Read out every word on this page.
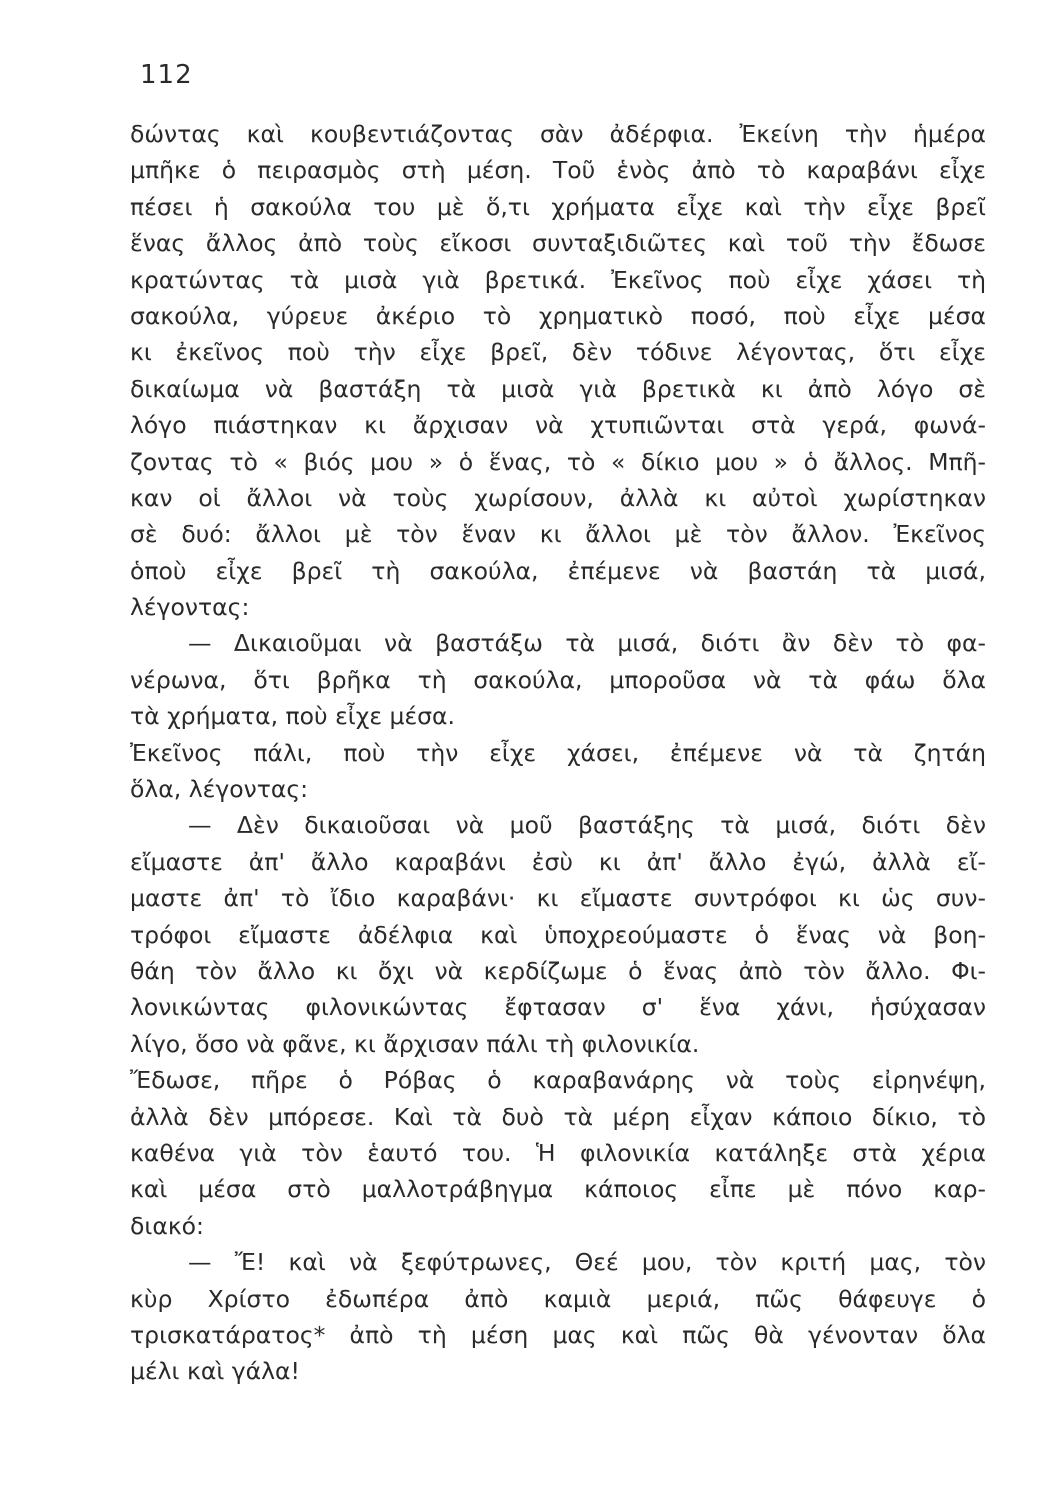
112
δώντας καὶ κουβεντιάζοντας σὰν ἀδέρφια. Ἐκείνη τὴν ἡμέρα
μπῆκε ὁ πειρασμὸς στὴ μέση. Τοῦ ἑνὸς ἀπὸ τὸ καραβάνι εἶχε
πέσει ἡ σακούλα του μὲ ὅ,τι χρήματα εἶχε καὶ τὴν εἶχε βρεῖ
ἕνας ἄλλος ἀπὸ τοὺς εἴκοσι συνταξιδιῶτες καὶ τοῦ τὴν ἔδωσε
κρατώντας τὰ μισὰ γιὰ βρετικά. Ἐκεῖνος ποὺ εἶχε χάσει τὴ
σακούλα, γύρευε ἀκέριο τὸ χρηματικὸ ποσό, ποὺ εἶχε μέσα
κι ἐκεῖνος ποὺ τὴν εἶχε βρεῖ, δὲν τόδινε λέγοντας, ὅτι εἶχε
δικαίωμα νὰ βαστάξη τὰ μισὰ γιὰ βρετικὰ κι ἀπὸ λόγο σὲ
λόγο πιάστηκαν κι ἄρχισαν νὰ χτυπιῶνται στὰ γερά, φωνά-
ζοντας τὸ « βιός μου » ὁ ἕνας, τὸ « δίκιο μου » ὁ ἄλλος. Μπῆ-
καν οἱ ἄλλοι νὰ τοὺς χωρίσουν, ἀλλὰ κι αὐτοὶ χωρίστηκαν
σὲ δυό: ἄλλοι μὲ τὸν ἕναν κι ἄλλοι μὲ τὸν ἄλλον. Ἐκεῖνος
ὁποὺ εἶχε βρεῖ τὴ σακούλα, ἐπέμενε νὰ βαστάη τὰ μισά,
λέγοντας:
— Δικαιοῦμαι νὰ βαστάξω τὰ μισά, διότι ἂν δὲν τὸ φα-
νέρωνα, ὅτι βρῆκα τὴ σακούλα, μποροῦσα νὰ τὰ φάω ὅλα
τὰ χρήματα, ποὺ εἶχε μέσα.
Ἐκεῖνος πάλι, ποὺ τὴν εἶχε χάσει, ἐπέμενε νὰ τὰ ζητάη
ὅλα, λέγοντας:
— Δὲν δικαιοῦσαι νὰ μοῦ βαστάξης τὰ μισά, διότι δὲν
εἴμαστε ἀπ' ἄλλο καραβάνι ἐσὺ κι ἀπ' ἄλλο ἐγώ, ἀλλὰ εἴ-
μαστε ἀπ' τὸ ἴδιο καραβάνι· κι εἴμαστε συντρόφοι κι ὡς συν-
τρόφοι εἴμαστε ἀδέλφια καὶ ὑποχρεούμαστε ὁ ἕνας νὰ βοη-
θάη τὸν ἄλλο κι ὄχι νὰ κερδίζωμε ὁ ἕνας ἀπὸ τὸν ἄλλο. Φι-
λονικώντας φιλονικώντας ἔφτασαν σ' ἕνα χάνι, ἡσύχασαν
λίγο, ὅσο νὰ φᾶνε, κι ἄρχισαν πάλι τὴ φιλονικία.
Ἔδωσε, πῆρε ὁ Ρόβας ὁ καραβανάρης νὰ τοὺς εἰρηνέψη,
ἀλλὰ δὲν μπόρεσε. Καὶ τὰ δυὸ τὰ μέρη εἶχαν κάποιο δίκιο, τὸ
καθένα γιὰ τὸν ἑαυτό του. Ἡ φιλονικία κατάληξε στὰ χέρια
καὶ μέσα στὸ μαλλοτράβηγμα κάποιος εἶπε μὲ πόνο καρ-
διακό:
— Ἔ! καὶ νὰ ξεφύτρωνες, Θεέ μου, τὸν κριτή μας, τὸν
κὺρ Χρίστο ἐδωπέρα ἀπὸ καμιὰ μεριά, πῶς θάφευγε ὁ
τρισκατάρατος* ἀπὸ τὴ μέση μας καὶ πῶς θὰ γένονταν ὅλα
μέλι καὶ γάλα!
